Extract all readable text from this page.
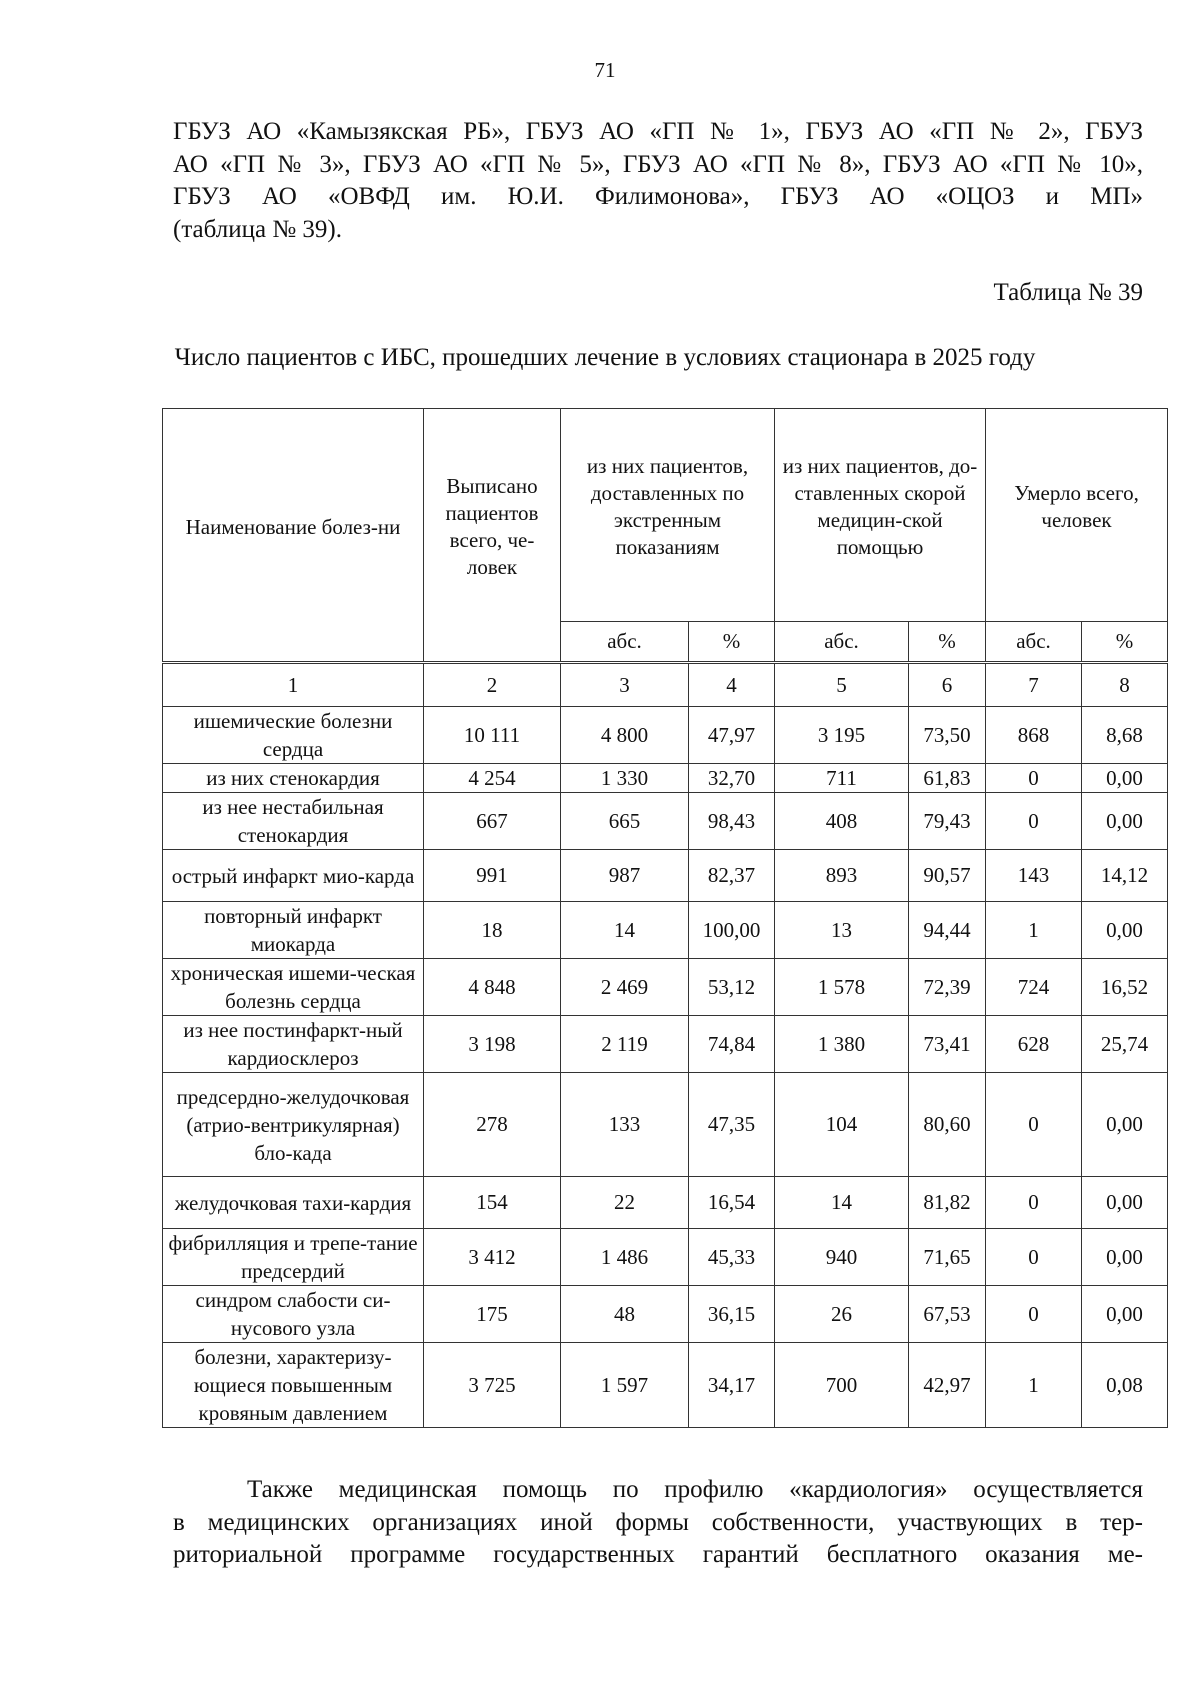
71
ГБУЗ АО «Камызякская РБ», ГБУЗ АО «ГП № 1», ГБУЗ АО «ГП № 2», ГБУЗ
АО «ГП № 3», ГБУЗ АО «ГП № 5», ГБУЗ АО «ГП № 8», ГБУЗ АО «ГП № 10»,
ГБУЗ АО «ОВФД им. Ю.И. Филимонова», ГБУЗ АО «ОЦОЗ и МП»
(таблица № 39).
Таблица № 39
Число пациентов с ИБС, прошедших лечение в условиях стационара в 2025 году
Наименование болез-ни	Выписано пациентов всего, че-ловек	из них пациентов, доставленных по экстренным показаниям		из них пациентов, до-ставленных скорой медицин-ской помощью		Умерло всего, человек	
		абс.	%	абс.	%	абс.	%
1	2	3	4	5	6	7	8
ишемические болезни сердца	10 111	4 800	47,97	3 195	73,50	868	8,68
из них стенокардия	4 254	1 330	32,70	711	61,83	0	0,00
из нее нестабильная стенокардия	667	665	98,43	408	79,43	0	0,00
острый инфаркт мио-карда	991	987	82,37	893	90,57	143	14,12
повторный инфаркт миокарда	18	14	100,00	13	94,44	1	0,00
хроническая ишеми-ческая болезнь сердца	4 848	2 469	53,12	1 578	72,39	724	16,52
из нее постинфаркт-ный кардиосклероз	3 198	2 119	74,84	1 380	73,41	628	25,74
предсердно-желудочковая (атрио-вентрикулярная) бло-када	278	133	47,35	104	80,60	0	0,00
желудочковая тахи-кардия	154	22	16,54	14	81,82	0	0,00
фибрилляция и трепе-тание предсердий	3 412	1 486	45,33	940	71,65	0	0,00
синдром слабости си-нусового узла	175	48	36,15	26	67,53	0	0,00
болезни, характеризу-ющиеся повышенным кровяным давлением	3 725	1 597	34,17	700	42,97	1	0,08
Также медицинская помощь по профилю «кардиология» осуществляется
в медицинских организациях иной формы собственности, участвующих в тер-
риториальной программе государственных гарантий бесплатного оказания ме-
